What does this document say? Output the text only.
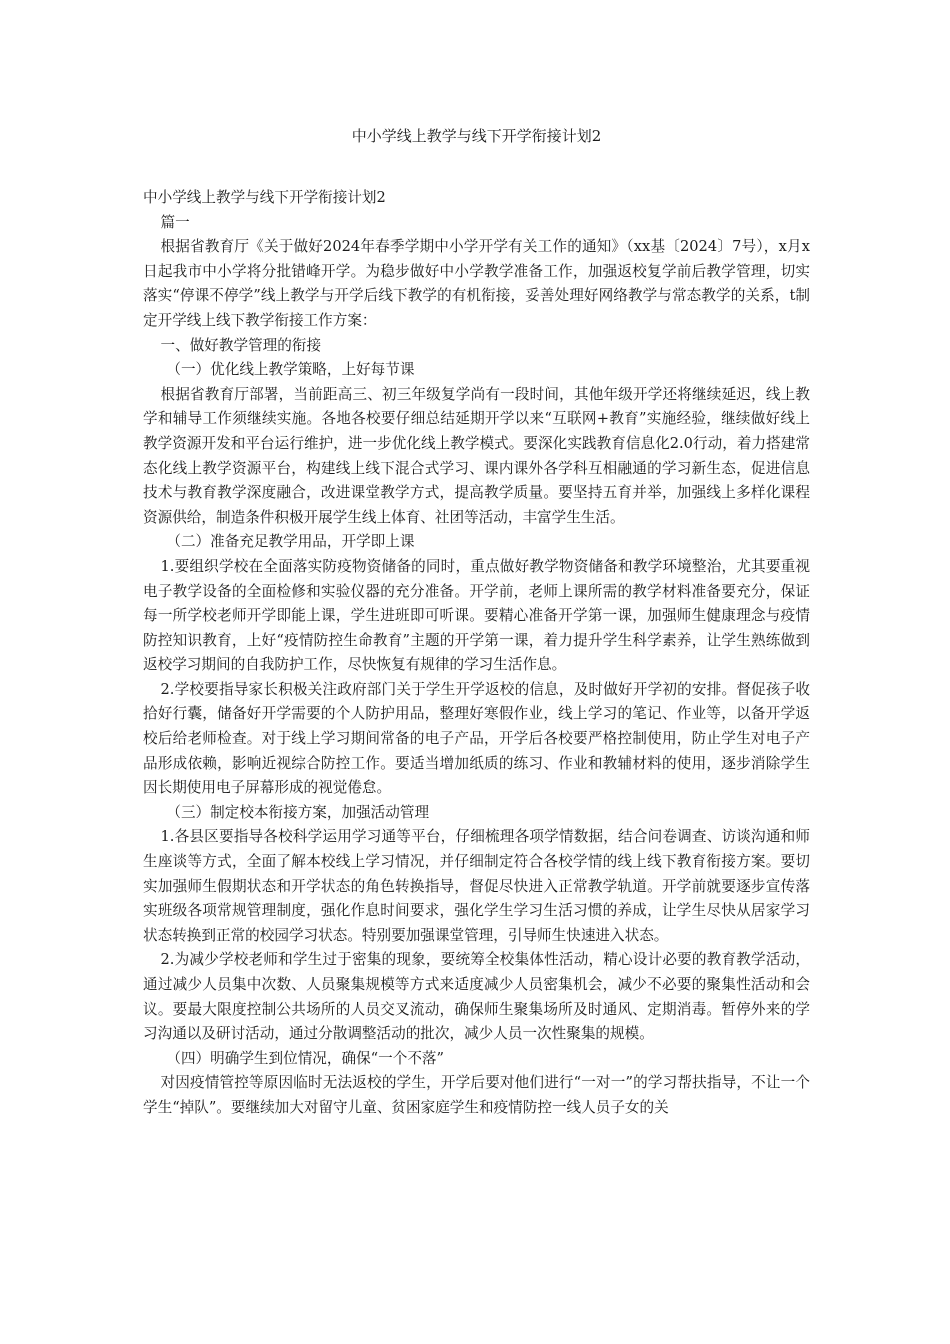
中小学线上教学与线下开学衔接计划2

中小学线上教学与线下开学衔接计划2

篇一

根据省教育厅《关于做好2024年春季学期中小学开学有关工作的通知》（xx基〔2024〕7号），x月x日起我市中小学将分批错峰开学。为稳步做好中小学教学准备工作，加强返校复学前后教学管理，切实落实“停课不停学”线上教学与开学后线下教学的有机衔接，妥善处理好网络教学与常态教学的关系，t制定开学线上线下教学衔接工作方案：

一、做好教学管理的衔接

（一）优化线上教学策略，上好每节课

根据省教育厅部署，当前距高三、初三年级复学尚有一段时间，其他年级开学还将继续延迟，线上教学和辅导工作须继续实施。各地各校要仔细总结延期开学以来“互联网+教育”实施经验，继续做好线上教学资源开发和平台运行维护，进一步优化线上教学模式。要深化实践教育信息化2.0行动，着力搭建常态化线上教学资源平台，构建线上线下混合式学习、课内课外各学科互相融通的学习新生态，促进信息技术与教育教学深度融合，改进课堂教学方式，提高教学质量。要坚持五育并举，加强线上多样化课程资源供给，制造条件积极开展学生线上体育、社团等活动，丰富学生生活。

（二）准备充足教学用品，开学即上课

1.要组织学校在全面落实防疫物资储备的同时，重点做好教学物资储备和教学环境整治，尤其要重视电子教学设备的全面检修和实验仪器的充分准备。开学前，老师上课所需的教学材料准备要充分，保证每一所学校老师开学即能上课，学生进班即可听课。要精心准备开学第一课，加强师生健康理念与疫情防控知识教育，上好“疫情防控生命教育”主题的开学第一课，着力提升学生科学素养，让学生熟练做到返校学习期间的自我防护工作，尽快恢复有规律的学习生活作息。

2.学校要指导家长积极关注政府部门关于学生开学返校的信息，及时做好开学初的安排。督促孩子收拾好行囊，储备好开学需要的个人防护用品，整理好寒假作业，线上学习的笔记、作业等，以备开学返校后给老师检查。对于线上学习期间常备的电子产品，开学后各校要严格控制使用，防止学生对电子产品形成依赖，影响近视综合防控工作。要适当增加纸质的练习、作业和教辅材料的使用，逐步消除学生因长期使用电子屏幕形成的视觉倦怠。

（三）制定校本衔接方案，加强活动管理

1.各县区要指导各校科学运用学习通等平台，仔细梳理各项学情数据，结合问卷调查、访谈沟通和师生座谈等方式，全面了解本校线上学习情况，并仔细制定符合各校学情的线上线下教育衔接方案。要切实加强师生假期状态和开学状态的角色转换指导，督促尽快进入正常教学轨道。开学前就要逐步宣传落实班级各项常规管理制度，强化作息时间要求，强化学生学习生活习惯的养成，让学生尽快从居家学习状态转换到正常的校园学习状态。特别要加强课堂管理，引导师生快速进入状态。

2.为减少学校老师和学生过于密集的现象，要统筹全校集体性活动，精心设计必要的教育教学活动，通过减少人员集中次数、人员聚集规模等方式来适度减少人员密集机会，减少不必要的聚集性活动和会议。要最大限度控制公共场所的人员交叉流动，确保师生聚集场所及时通风、定期消毒。暂停外来的学习沟通以及研讨活动，通过分散调整活动的批次，减少人员一次性聚集的规模。

（四）明确学生到位情况，确保“一个不落”

对因疫情管控等原因临时无法返校的学生，开学后要对他们进行“一对一”的学习帮扶指导，不让一个学生“掉队”。要继续加大对留守儿童、贫困家庭学生和疫情防控一线人员子女的关
